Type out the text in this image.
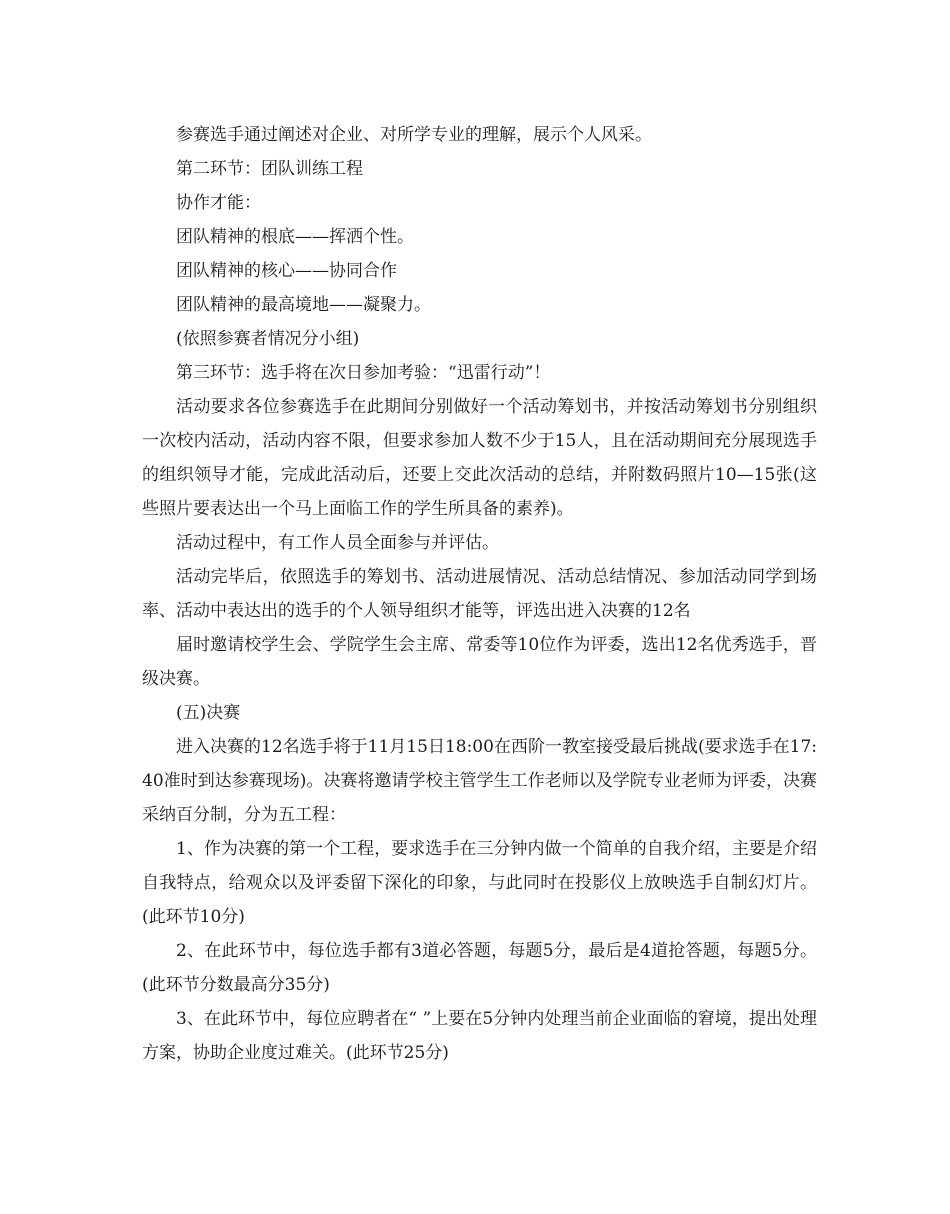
参赛选手通过阐述对企业、对所学专业的理解，展示个人风采。

第二环节：团队训练工程

协作才能：

团队精神的根底——挥洒个性。

团队精神的核心——协同合作

团队精神的最高境地——凝聚力。

(依照参赛者情况分小组)

第三环节：选手将在次日参加考验：“迅雷行动”！

活动要求各位参赛选手在此期间分别做好一个活动筹划书，并按活动筹划书分别组织一次校内活动，活动内容不限，但要求参加人数不少于15人，且在活动期间充分展现选手的组织领导才能，完成此活动后，还要上交此次活动的总结，并附数码照片10—15张(这些照片要表达出一个马上面临工作的学生所具备的素养)。

活动过程中，有工作人员全面参与并评估。

活动完毕后，依照选手的筹划书、活动进展情况、活动总结情况、参加活动同学到场率、活动中表达出的选手的个人领导组织才能等，评选出进入决赛的12名

届时邀请校学生会、学院学生会主席、常委等10位作为评委，选出12名优秀选手，晋级决赛。

(五)决赛

进入决赛的12名选手将于11月15日18:00在西阶一教室接受最后挑战(要求选手在17:40准时到达参赛现场)。决赛将邀请学校主管学生工作老师以及学院专业老师为评委，决赛采纳百分制，分为五工程：

1、作为决赛的第一个工程，要求选手在三分钟内做一个简单的自我介绍，主要是介绍自我特点，给观众以及评委留下深化的印象，与此同时在投影仪上放映选手自制幻灯片。(此环节10分)

2、在此环节中，每位选手都有3道必答题，每题5分，最后是4道抢答题，每题5分。(此环节分数最高分35分)

3、在此环节中，每位应聘者在“ ”上要在5分钟内处理当前企业面临的窘境，提出处理方案，协助企业度过难关。(此环节25分)
